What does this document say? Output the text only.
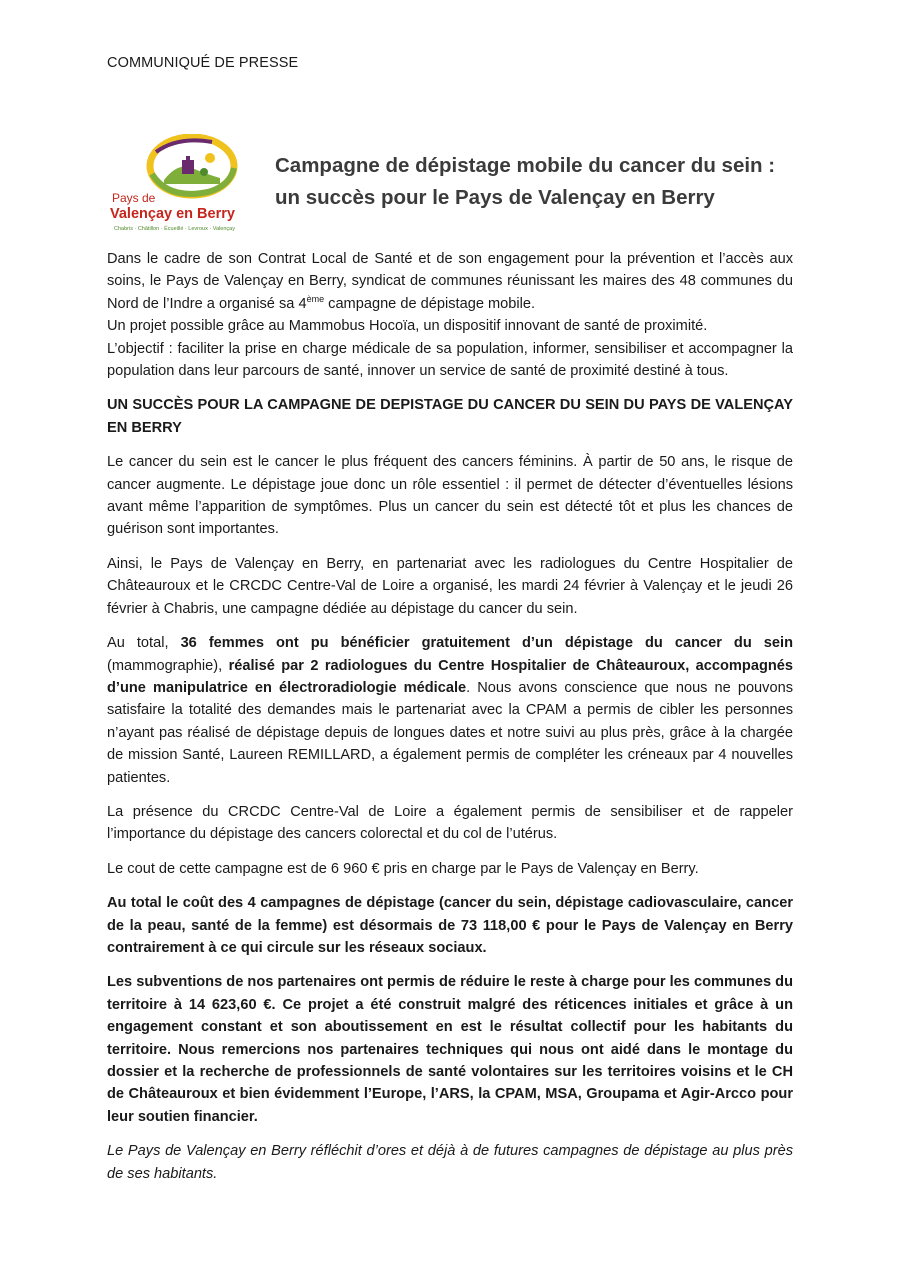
COMMUNIQUÉ DE PRESSE
Pays de
Valençay en Berry
Chabris · Châtillon · Écueillé · Levroux · Valençay
Campagne de dépistage mobile du cancer du sein :
un succès pour le Pays de Valençay en Berry

Dans le cadre de son Contrat Local de Santé et de son engagement pour la prévention et l’accès aux soins, le Pays de Valençay en Berry, syndicat de communes réunissant les maires des 48 communes du Nord de l’Indre a organisé sa 4ème campagne de dépistage mobile.

Un projet possible grâce au Mammobus Hocoïa, un dispositif innovant de santé de proximité.

L’objectif : faciliter la prise en charge médicale de sa population, informer, sensibiliser et accompagner la population dans leur parcours de santé, innover un service de santé de proximité destiné à tous.

UN SUCCÈS POUR LA CAMPAGNE DE DEPISTAGE DU CANCER DU SEIN DU PAYS DE VALENÇAY EN BERRY

Le cancer du sein est le cancer le plus fréquent des cancers féminins. À partir de 50 ans, le risque de cancer augmente. Le dépistage joue donc un rôle essentiel : il permet de détecter d’éventuelles lésions avant même l’apparition de symptômes. Plus un cancer du sein est détecté tôt et plus les chances de guérison sont importantes.

Ainsi, le Pays de Valençay en Berry, en partenariat avec les radiologues du Centre Hospitalier de Châteauroux et le CRCDC Centre-Val de Loire a organisé, les mardi 24 février à Valençay et le jeudi 26 février à Chabris, une campagne dédiée au dépistage du cancer du sein.

Au total, 36 femmes ont pu bénéficier gratuitement d’un dépistage du cancer du sein (mammographie), réalisé par 2 radiologues du Centre Hospitalier de Châteauroux, accompagnés d’une manipulatrice en électroradiologie médicale. Nous avons conscience que nous ne pouvons satisfaire la totalité des demandes mais le partenariat avec la CPAM a permis de cibler les personnes n’ayant pas réalisé de dépistage depuis de longues dates et notre suivi au plus près, grâce à la chargée de mission Santé, Laureen REMILLARD, a également permis de compléter les créneaux par 4 nouvelles patientes.

La présence du CRCDC Centre-Val de Loire a également permis de sensibiliser et de rappeler l’importance du dépistage des cancers colorectal et du col de l’utérus.

Le cout de cette campagne est de 6 960 € pris en charge par le Pays de Valençay en Berry.

Au total le coût des 4 campagnes de dépistage (cancer du sein, dépistage cadiovasculaire, cancer de la peau, santé de la femme) est désormais de 73 118,00 € pour le Pays de Valençay en Berry contrairement à ce qui circule sur les réseaux sociaux.

Les subventions de nos partenaires ont permis de réduire le reste à charge pour les communes du territoire à 14 623,60 €. Ce projet a été construit malgré des réticences initiales et grâce à un engagement constant et son aboutissement en est le résultat collectif pour les habitants du territoire. Nous remercions nos partenaires techniques qui nous ont aidé dans le montage du dossier et la recherche de professionnels de santé volontaires sur les territoires voisins et le CH de Châteauroux et bien évidemment l’Europe, l’ARS, la CPAM, MSA, Groupama et Agir-Arcco pour leur soutien financier.

Le Pays de Valençay en Berry réfléchit d’ores et déjà à de futures campagnes de dépistage au plus près de ses habitants.
